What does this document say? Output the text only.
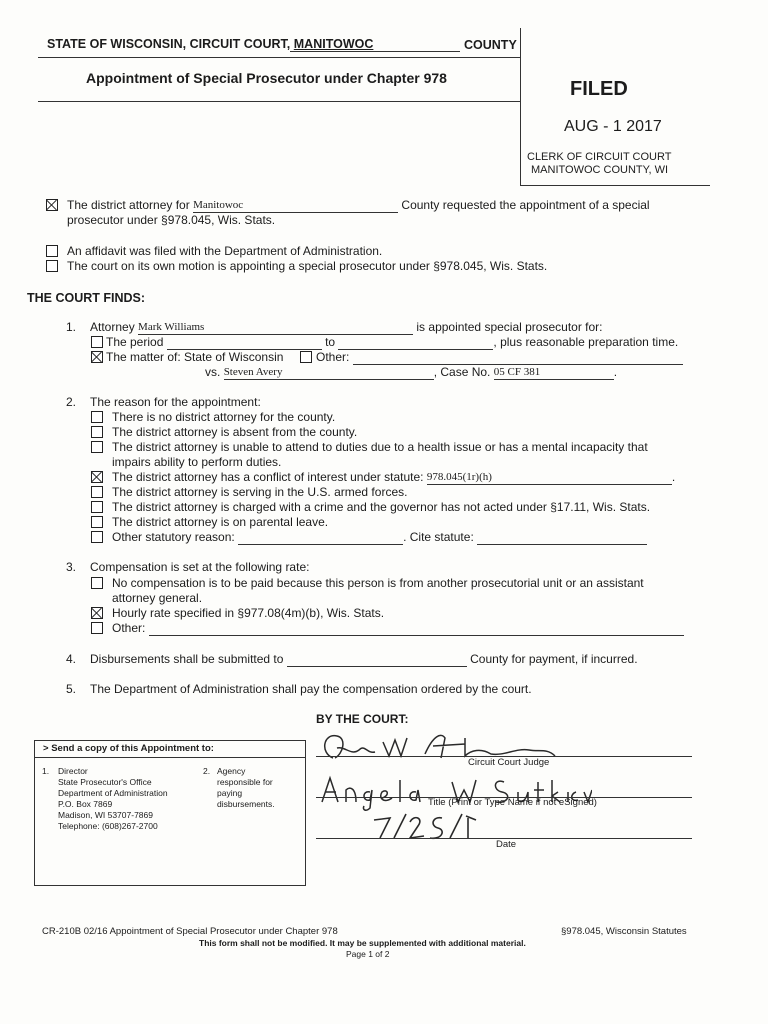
STATE OF WISCONSIN, CIRCUIT COURT, MANITOWOC	COUNTY
Appointment of Special Prosecutor under Chapter 978	FILED
AUG - 1 2017
CLERK OF CIRCUIT COURT
MANITOWOC COUNTY, WI
The district attorney for Manitowoc	County requested the appointment of a special
prosecutor under §978.045, Wis. Stats.
An affidavit was filed with the Department of Administration.
The court on its own motion is appointing a special prosecutor under §978.045, Wis. Stats.
THE COURT FINDS:
1. Attorney Mark Williams	is appointed special prosecutor for:
The period	to	, plus reasonable preparation time.
The matter of: State of Wisconsin	Other:
vs. Steven Avery	, Case No. 05 CF 381	.
2. The reason for the appointment:
There is no district attorney for the county.
The district attorney is absent from the county.
The district attorney is unable to attend to duties due to a health issue or has a mental incapacity that
impairs ability to perform duties.
The district attorney has a conflict of interest under statute: 978.045(1r)(h)	.
The district attorney is serving in the U.S. armed forces.
The district attorney is charged with a crime and the governor has not acted under §17.11, Wis. Stats.
The district attorney is on parental leave.
Other statutory reason:	. Cite statute:
3. Compensation is set at the following rate:
No compensation is to be paid because this person is from another prosecutorial unit or an assistant
attorney general.
Hourly rate specified in §977.08(4m)(b), Wis. Stats.
Other:
4. Disbursements shall be submitted to	County for payment, if incurred.
5. The Department of Administration shall pay the compensation ordered by the court.
BY THE COURT:
> Send a copy of this Appointment to:
1. Director
State Prosecutor's Office
Department of Administration
P.O. Box 7869
Madison, WI 53707-7869
Telephone: (608)267-2700
2. Agency
responsible for
paying
disbursements.
Circuit Court Judge
Title (Print or Type Name if not eSigned)
Date
CR-210B 02/16 Appointment of Special Prosecutor under Chapter 978	§978.045, Wisconsin Statutes
This form shall not be modified. It may be supplemented with additional material.
Page 1 of 2
